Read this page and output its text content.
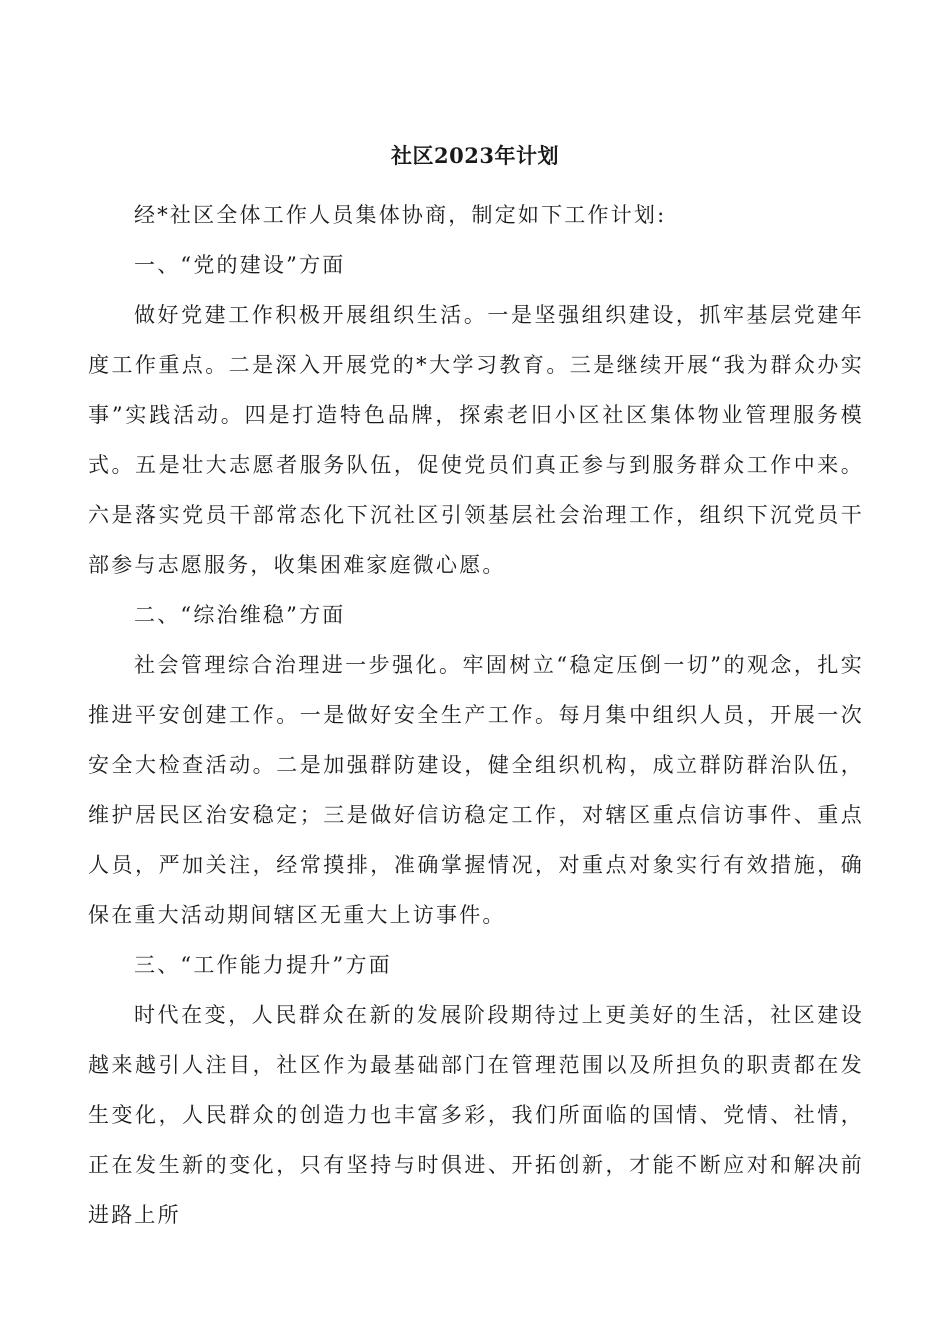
社区2023年计划

经*社区全体工作人员集体协商，制定如下工作计划:

一、“党的建设”方面

做好党建工作积极开展组织生活。一是坚强组织建设，抓牢基层党建年度工作重点。二是深入开展党的*大学习教育。三是继续开展“我为群众办实事”实践活动。四是打造特色品牌，探索老旧小区社区集体物业管理服务模式。五是壮大志愿者服务队伍，促使党员们真正参与到服务群众工作中来。六是落实党员干部常态化下沉社区引领基层社会治理工作，组织下沉党员干部参与志愿服务，收集困难家庭微心愿。

二、“综治维稳”方面

社会管理综合治理进一步强化。牢固树立“稳定压倒一切”的观念，扎实推进平安创建工作。一是做好安全生产工作。每月集中组织人员，开展一次安全大检查活动。二是加强群防建设，健全组织机构，成立群防群治队伍，维护居民区治安稳定；三是做好信访稳定工作，对辖区重点信访事件、重点人员，严加关注，经常摸排，准确掌握情况，对重点对象实行有效措施，确保在重大活动期间辖区无重大上访事件。

三、“工作能力提升”方面

时代在变，人民群众在新的发展阶段期待过上更美好的生活，社区建设越来越引人注目，社区作为最基础部门在管理范围以及所担负的职责都在发生变化，人民群众的创造力也丰富多彩，我们所面临的国情、党情、社情，正在发生新的变化，只有坚持与时俱进、开拓创新，才能不断应对和解决前进路上所
